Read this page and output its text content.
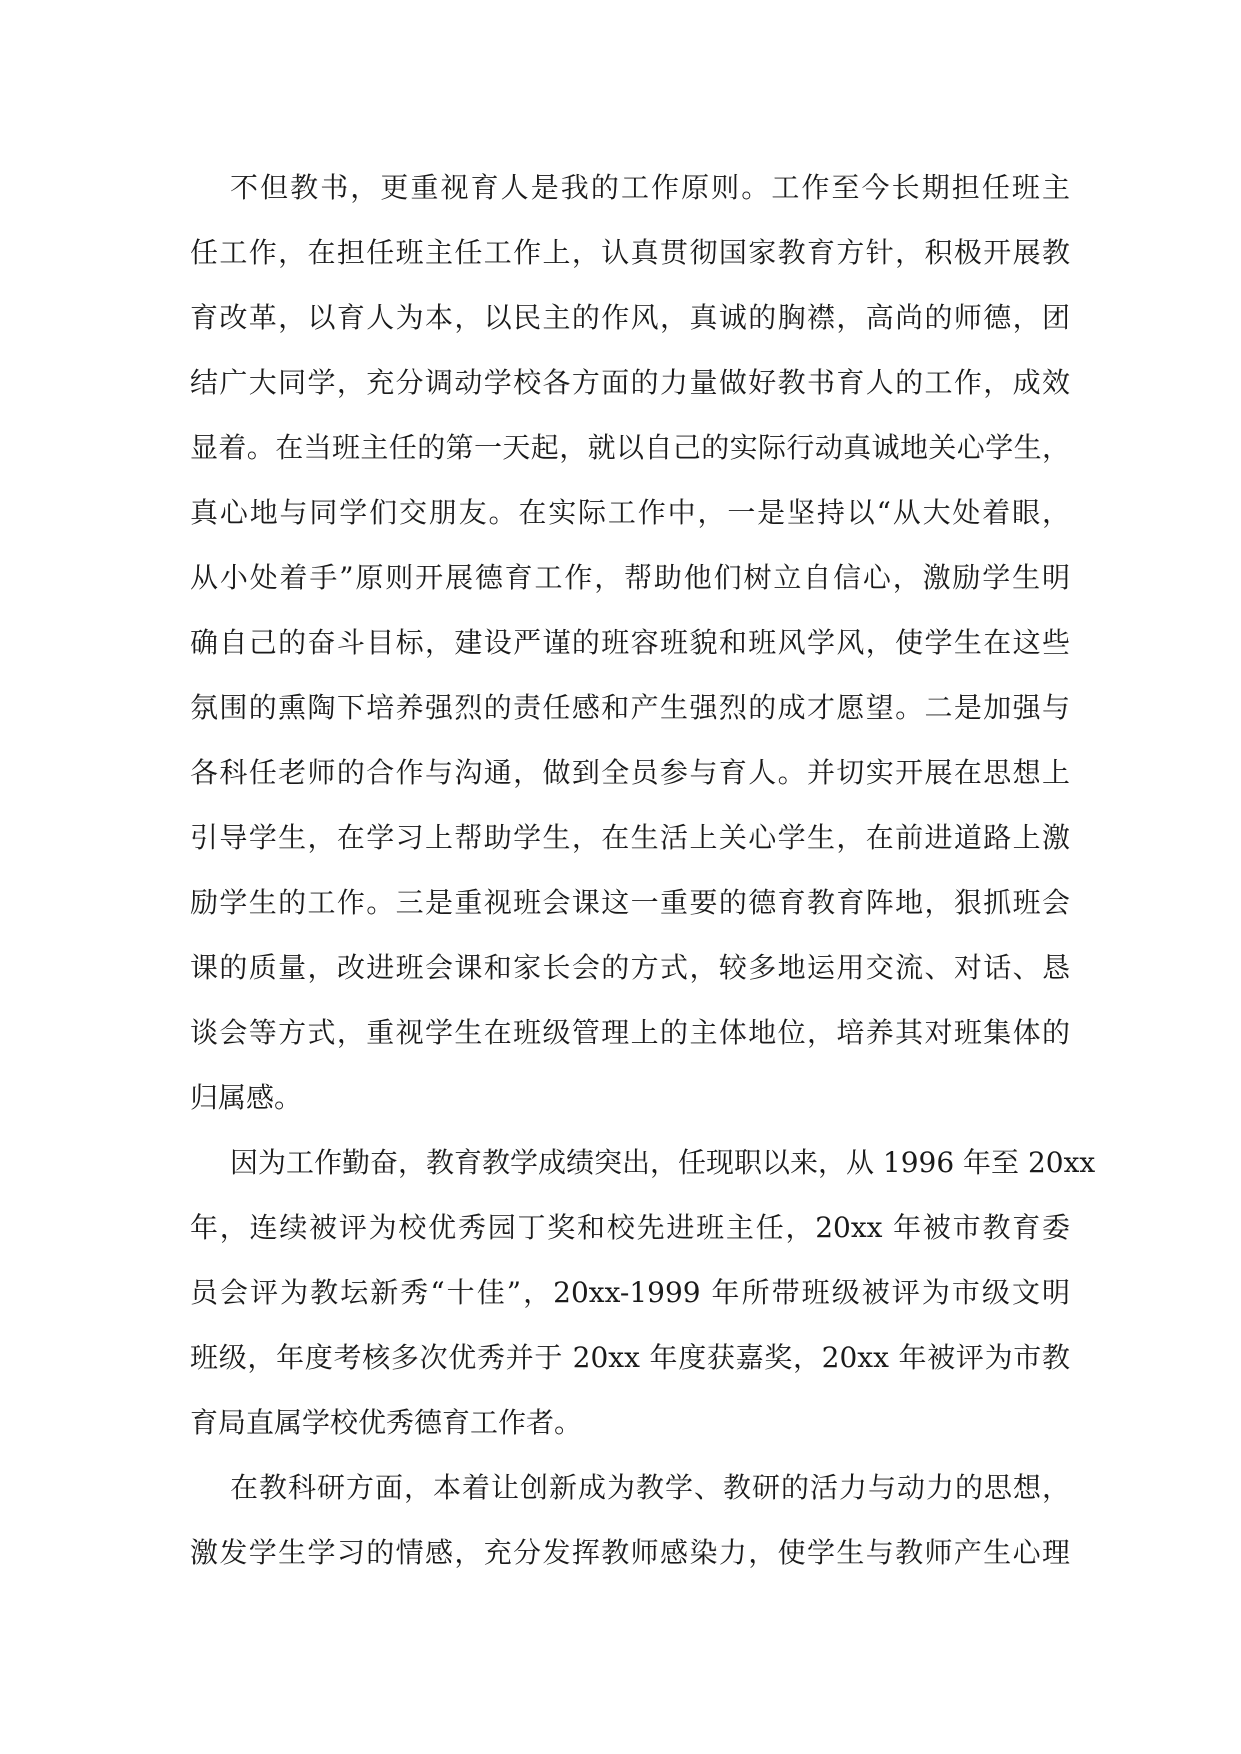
不但教书，更重视育人是我的工作原则。工作至今长期担任班主
任工作，在担任班主任工作上，认真贯彻国家教育方针，积极开展教
育改革，以育人为本，以民主的作风，真诚的胸襟，高尚的师德，团
结广大同学，充分调动学校各方面的力量做好教书育人的工作，成效
显着。在当班主任的第一天起，就以自己的实际行动真诚地关心学生，
真心地与同学们交朋友。在实际工作中，一是坚持以“从大处着眼，
从小处着手”原则开展德育工作，帮助他们树立自信心，激励学生明
确自己的奋斗目标，建设严谨的班容班貌和班风学风，使学生在这些
氛围的熏陶下培养强烈的责任感和产生强烈的成才愿望。二是加强与
各科任老师的合作与沟通，做到全员参与育人。并切实开展在思想上
引导学生，在学习上帮助学生，在生活上关心学生，在前进道路上激
励学生的工作。三是重视班会课这一重要的德育教育阵地，狠抓班会
课的质量，改进班会课和家长会的方式，较多地运用交流、对话、恳
谈会等方式，重视学生在班级管理上的主体地位，培养其对班集体的
归属感。
因为工作勤奋，教育教学成绩突出，任现职以来，从 1996 年至 20xx
年，连续被评为校优秀园丁奖和校先进班主任，20xx 年被市教育委
员会评为教坛新秀“十佳”，20xx-1999 年所带班级被评为市级文明
班级，年度考核多次优秀并于 20xx 年度获嘉奖，20xx 年被评为市教
育局直属学校优秀德育工作者。
在教科研方面，本着让创新成为教学、教研的活力与动力的思想，
激发学生学习的情感，充分发挥教师感染力，使学生与教师产生心理
